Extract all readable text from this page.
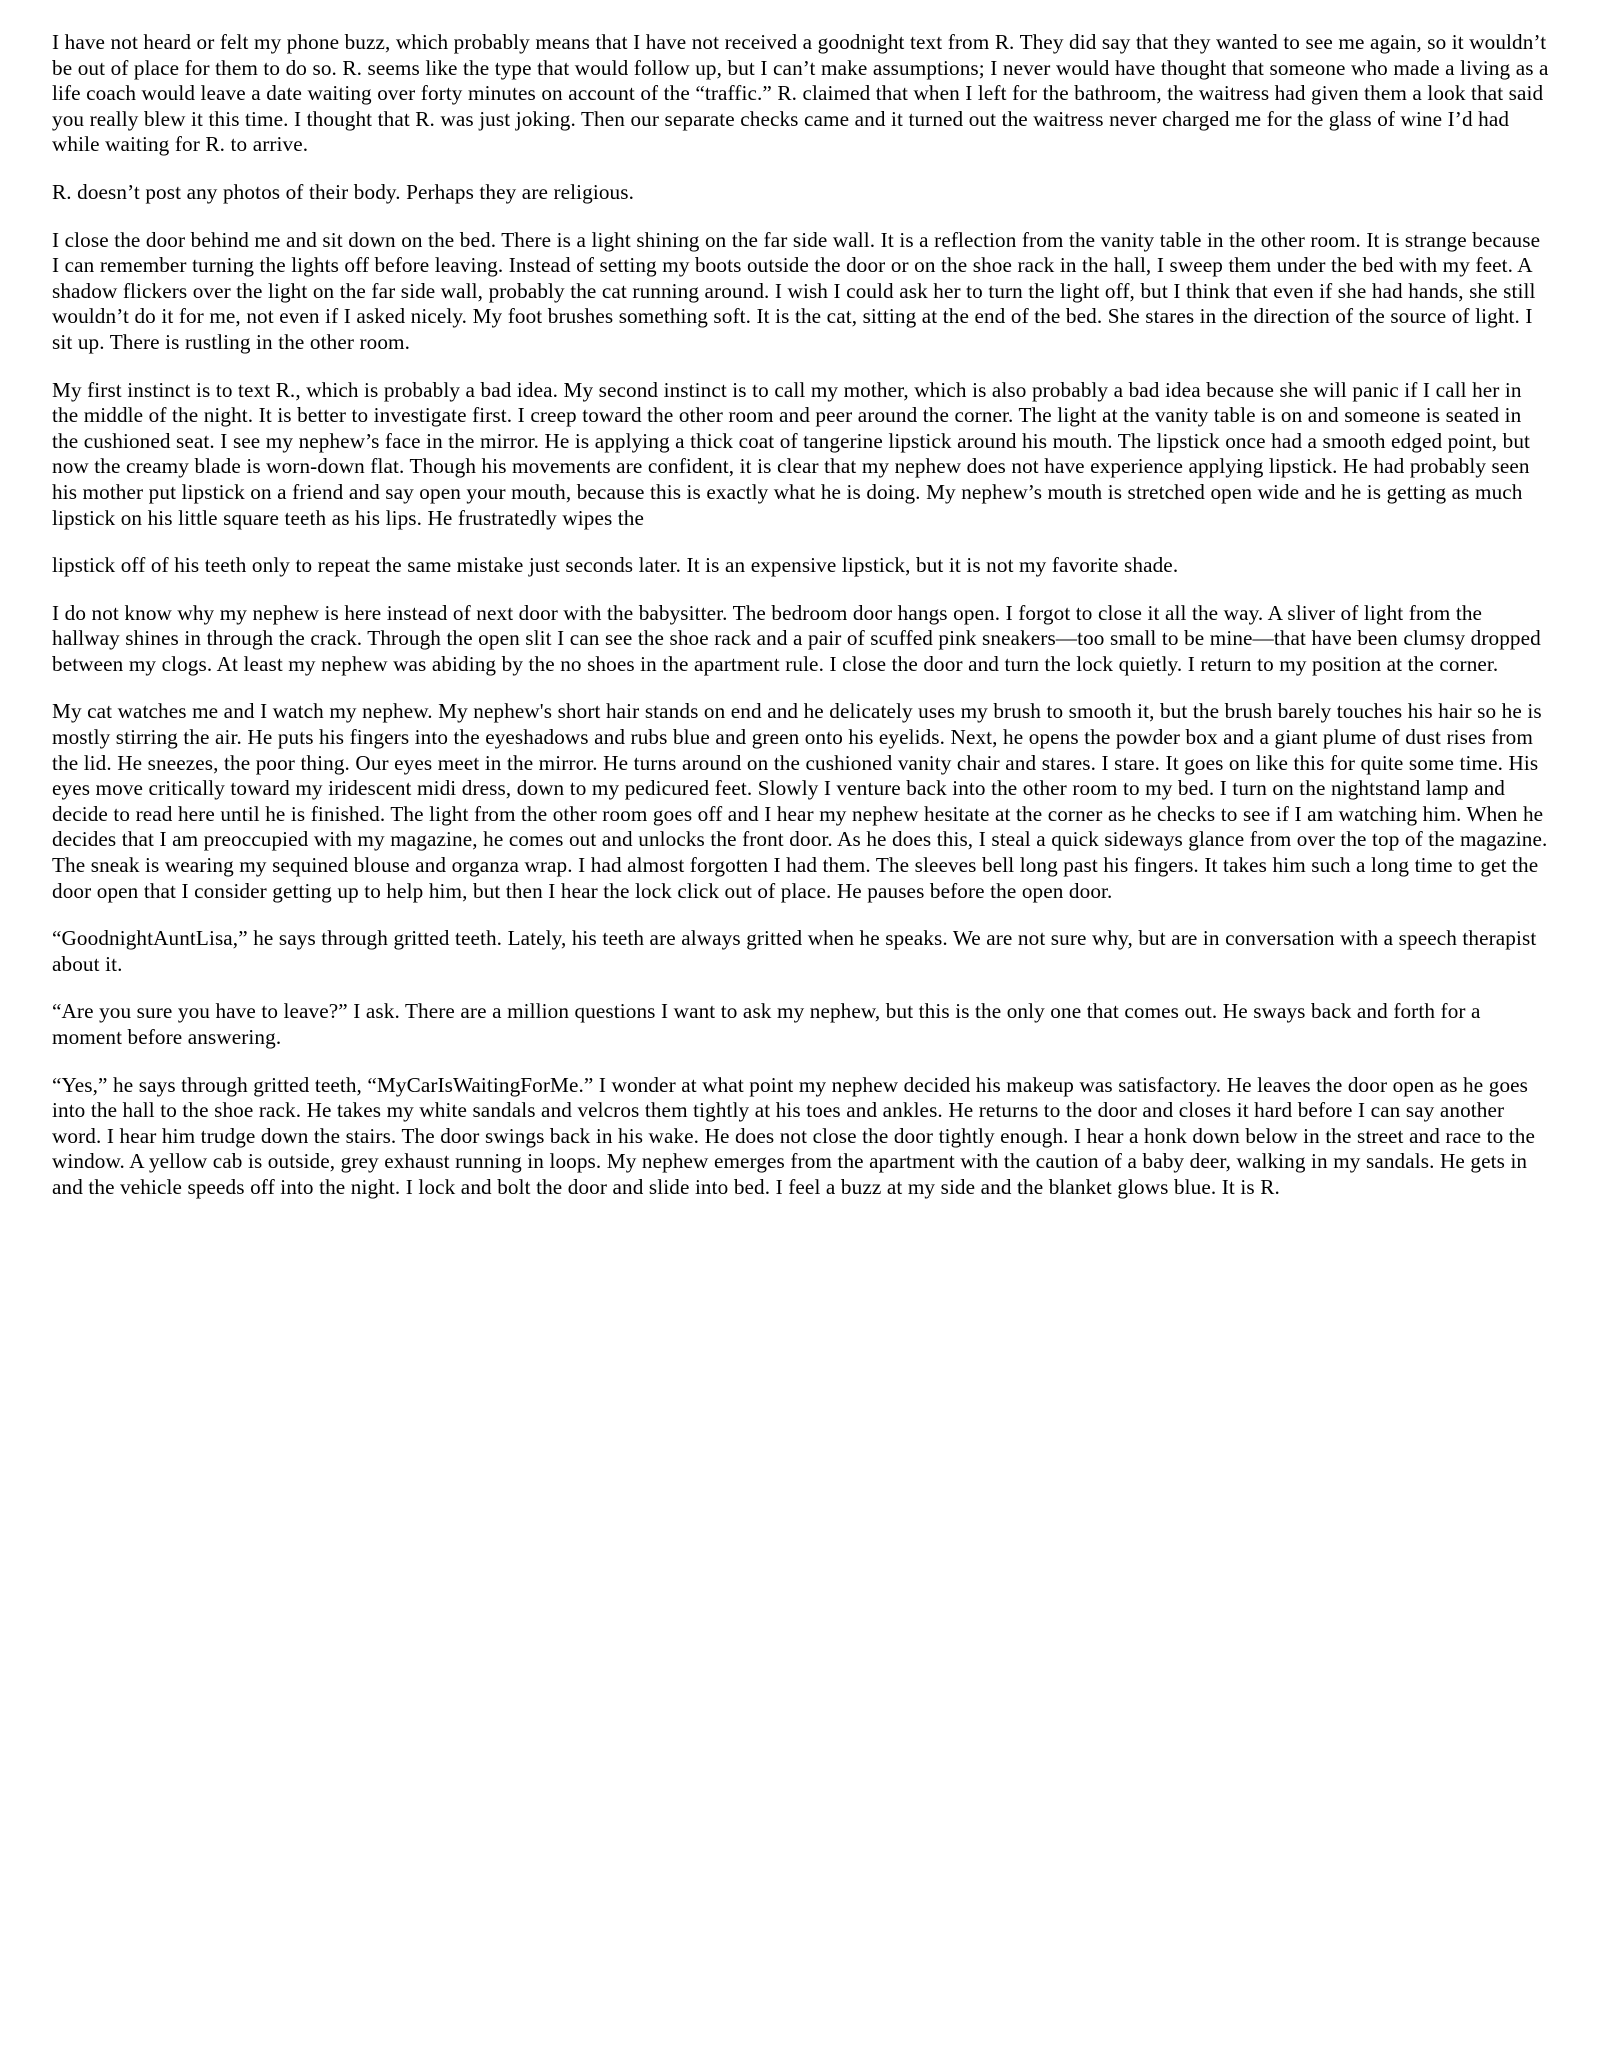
I have not heard or felt my phone buzz, which probably means that I have not received a goodnight text from R. They did say that they wanted to see me again, so it wouldn’t be out of place for them to do so. R. seems like the type that would follow up, but I can’t make assumptions; I never would have thought that someone who made a living as a life coach would leave a date waiting over forty minutes on account of the “traffic.” R. claimed that when I left for the bathroom, the waitress had given them a look that said you really blew it this time. I thought that R. was just joking. Then our separate checks came and it turned out the waitress never charged me for the glass of wine I’d had while waiting for R. to arrive.

R. doesn’t post any photos of their body. Perhaps they are religious.

I close the door behind me and sit down on the bed. There is a light shining on the far side wall. It is a reflection from the vanity table in the other room. It is strange because I can remember turning the lights off before leaving. Instead of setting my boots outside the door or on the shoe rack in the hall, I sweep them under the bed with my feet. A shadow flickers over the light on the far side wall, probably the cat running around. I wish I could ask her to turn the light off, but I think that even if she had hands, she still wouldn’t do it for me, not even if I asked nicely. My foot brushes something soft. It is the cat, sitting at the end of the bed. She stares in the direction of the source of light. I sit up. There is rustling in the other room.

My first instinct is to text R., which is probably a bad idea. My second instinct is to call my mother, which is also probably a bad idea because she will panic if I call her in the middle of the night. It is better to investigate first. I creep toward the other room and peer around the corner. The light at the vanity table is on and someone is seated in the cushioned seat. I see my nephew’s face in the mirror. He is applying a thick coat of tangerine lipstick around his mouth. The lipstick once had a smooth edged point, but now the creamy blade is worn-down flat. Though his movements are confident, it is clear that my nephew does not have experience applying lipstick. He had probably seen his mother put lipstick on a friend and say open your mouth, because this is exactly what he is doing. My nephew’s mouth is stretched open wide and he is getting as much lipstick on his little square teeth as his lips. He frustratedly wipes the

lipstick off of his teeth only to repeat the same mistake just seconds later. It is an expensive lipstick, but it is not my favorite shade.

I do not know why my nephew is here instead of next door with the babysitter. The bedroom door hangs open. I forgot to close it all the way. A sliver of light from the hallway shines in through the crack. Through the open slit I can see the shoe rack and a pair of scuffed pink sneakers—too small to be mine—that have been clumsy dropped between my clogs. At least my nephew was abiding by the no shoes in the apartment rule. I close the door and turn the lock quietly. I return to my position at the corner.

My cat watches me and I watch my nephew. My nephew's short hair stands on end and he delicately uses my brush to smooth it, but the brush barely touches his hair so he is mostly stirring the air. He puts his fingers into the eyeshadows and rubs blue and green onto his eyelids. Next, he opens the powder box and a giant plume of dust rises from the lid. He sneezes, the poor thing. Our eyes meet in the mirror. He turns around on the cushioned vanity chair and stares. I stare. It goes on like this for quite some time. His eyes move critically toward my iridescent midi dress, down to my pedicured feet. Slowly I venture back into the other room to my bed. I turn on the nightstand lamp and decide to read here until he is finished. The light from the other room goes off and I hear my nephew hesitate at the corner as he checks to see if I am watching him. When he decides that I am preoccupied with my magazine, he comes out and unlocks the front door. As he does this, I steal a quick sideways glance from over the top of the magazine. The sneak is wearing my sequined blouse and organza wrap. I had almost forgotten I had them. The sleeves bell long past his fingers. It takes him such a long time to get the door open that I consider getting up to help him, but then I hear the lock click out of place. He pauses before the open door.

“GoodnightAuntLisa,” he says through gritted teeth. Lately, his teeth are always gritted when he speaks. We are not sure why, but are in conversation with a speech therapist about it.

“Are you sure you have to leave?” I ask. There are a million questions I want to ask my nephew, but this is the only one that comes out. He sways back and forth for a moment before answering.

“Yes,” he says through gritted teeth, “MyCarIsWaitingForMe.” I wonder at what point my nephew decided his makeup was satisfactory. He leaves the door open as he goes into the hall to the shoe rack. He takes my white sandals and velcros them tightly at his toes and ankles. He returns to the door and closes it hard before I can say another word. I hear him trudge down the stairs. The door swings back in his wake. He does not close the door tightly enough. I hear a honk down below in the street and race to the window. A yellow cab is outside, grey exhaust running in loops. My nephew emerges from the apartment with the caution of a baby deer, walking in my sandals. He gets in and the vehicle speeds off into the night. I lock and bolt the door and slide into bed. I feel a buzz at my side and the blanket glows blue. It is R.
